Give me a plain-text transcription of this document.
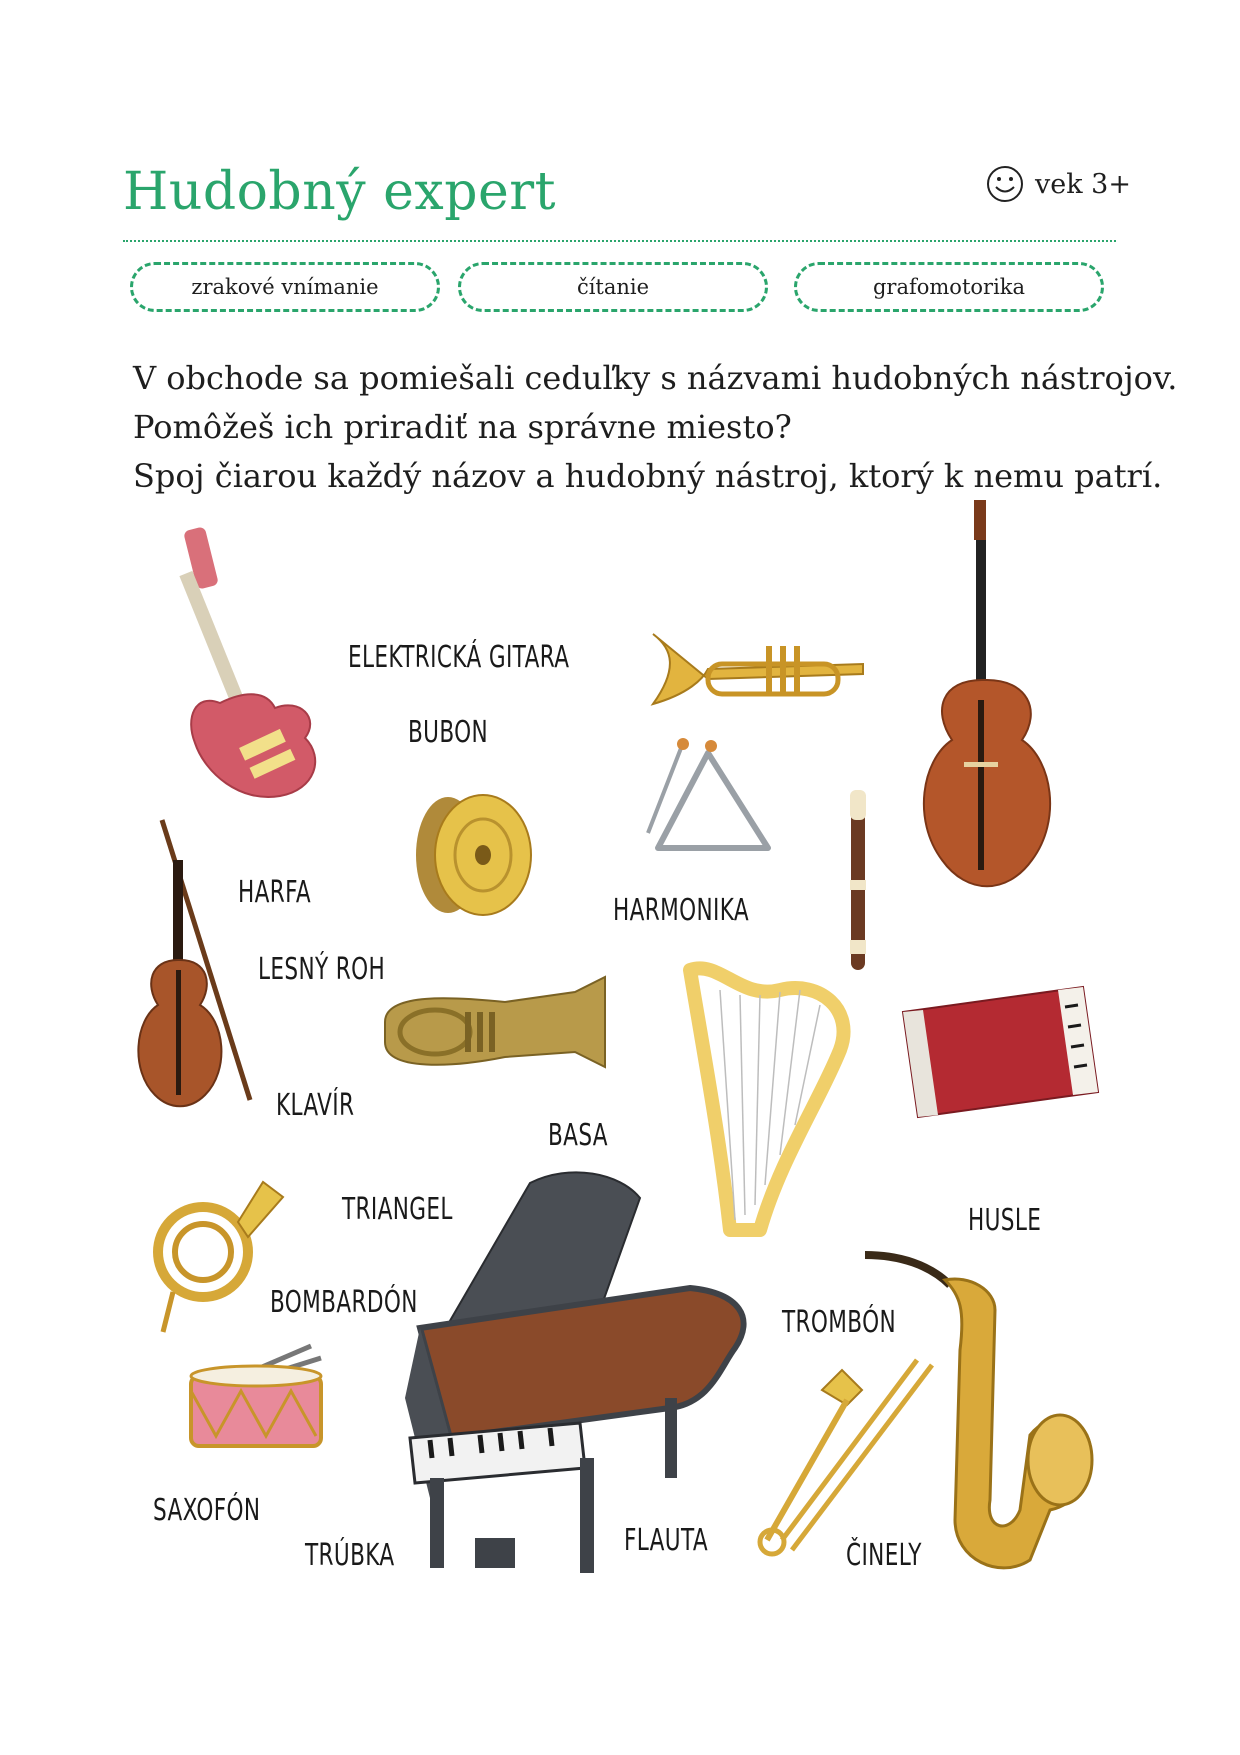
Hudobný expert	vek 3+
zrakové vnímanie	čítanie	grafomotorika
V obchode sa pomiešali ceduľky s názvami hudobných nástrojov.
Pomôžeš ich priradiť na správne miesto?
Spoj čiarou každý názov a hudobný nástroj, ktorý k nemu patrí.
ELEKTRICKÁ GITARA
BUBON
HARFA
HARMONIKA
LESNÝ ROH
KLAVÍR
BASA
TRIANGEL	HUSLE
BOMBARDÓN
TROMBÓN
SAXOFÓN
TRÚBKA	FLAUTA	ČINELY
